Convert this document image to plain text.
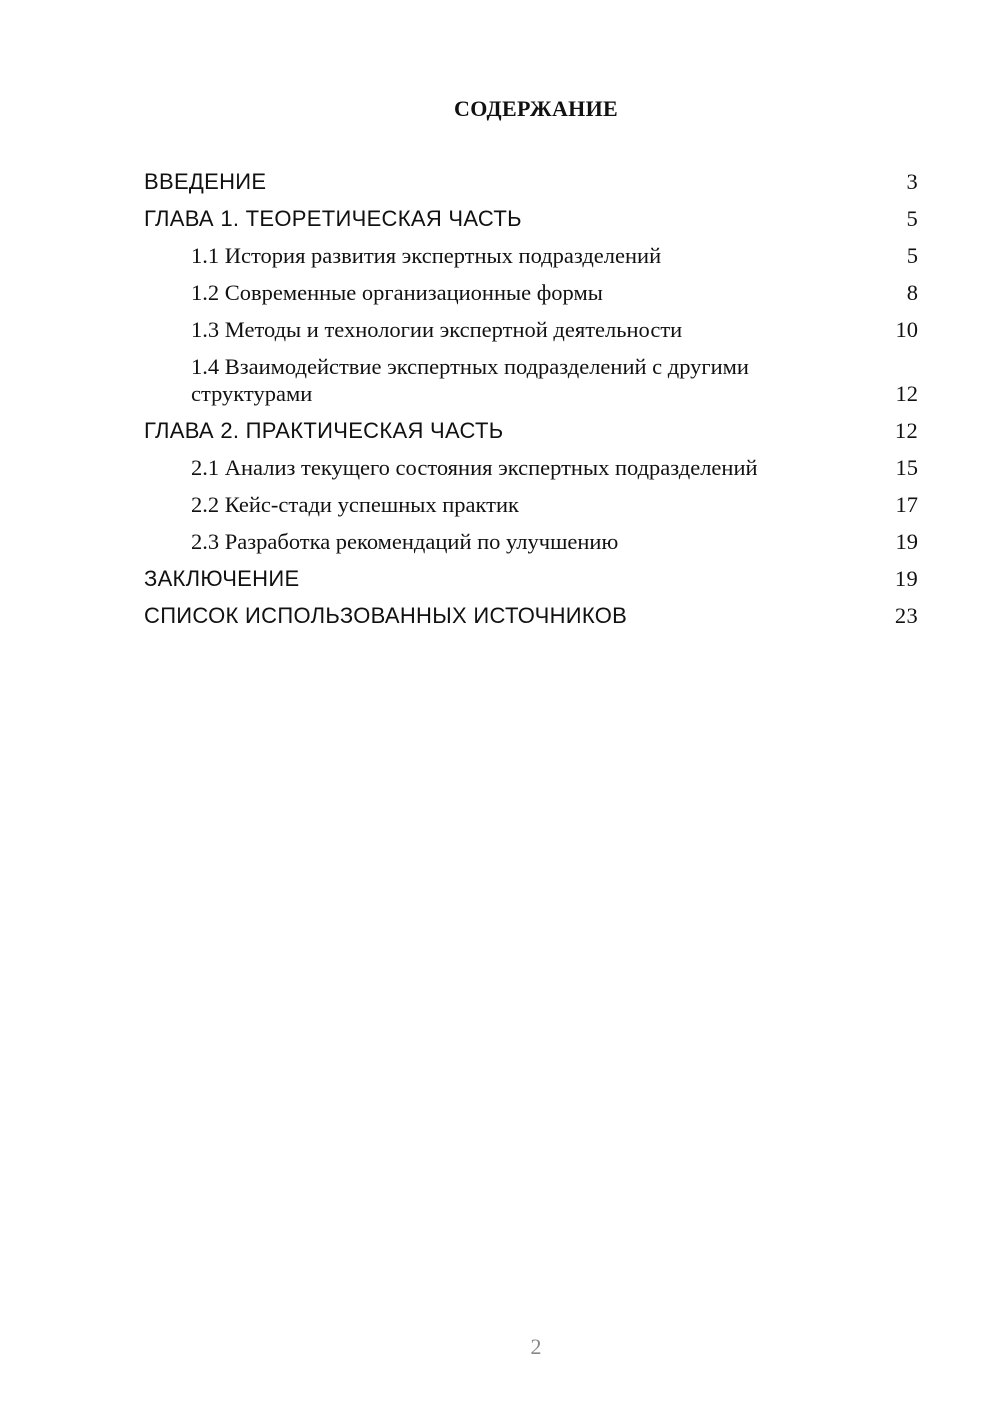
СОДЕРЖАНИЕ
ВВЕДЕНИЕ	3
ГЛАВА 1. ТЕОРЕТИЧЕСКАЯ ЧАСТЬ	5
1.1 История развития экспертных подразделений	5
1.2 Современные организационные формы	8
1.3 Методы и технологии экспертной деятельности	10
1.4 Взаимодействие экспертных подразделений с другими структурами	12
ГЛАВА 2. ПРАКТИЧЕСКАЯ ЧАСТЬ	12
2.1 Анализ текущего состояния экспертных подразделений	15
2.2 Кейс-стади успешных практик	17
2.3 Разработка рекомендаций по улучшению	19
ЗАКЛЮЧЕНИЕ	19
СПИСОК ИСПОЛЬЗОВАННЫХ ИСТОЧНИКОВ	23
2
